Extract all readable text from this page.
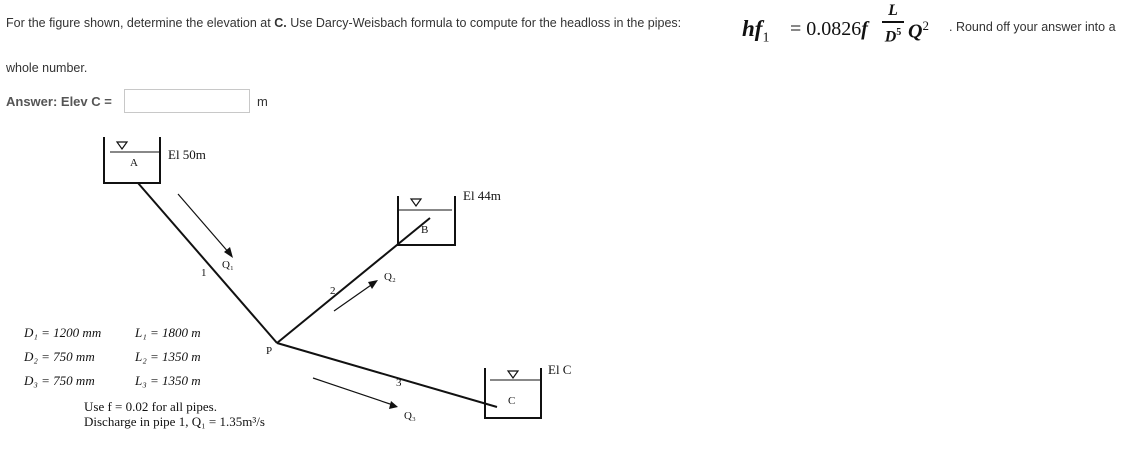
For the figure shown, determine the elevation at C. Use Darcy-Weisbach formula to compute for the headloss in the pipes:	$hf_1 = 0.0826f$
L
$D^5$ $Q^2$ . Round off your answer into a
whole number.
Answer: Elev C =	m
A
El 50m
B
El 44m
C
El C
1
2
3
Q₁
Q₂
Q₃
P
D₁ = 1200 mm	L₁ = 1800 m
D₂ = 750 mm	L₂ = 1350 m
D₃ = 750 mm	L₃ = 1350 m
Use f = 0.02 for all pipes.
Discharge in pipe 1, Q₁ = 1.35m³/s
